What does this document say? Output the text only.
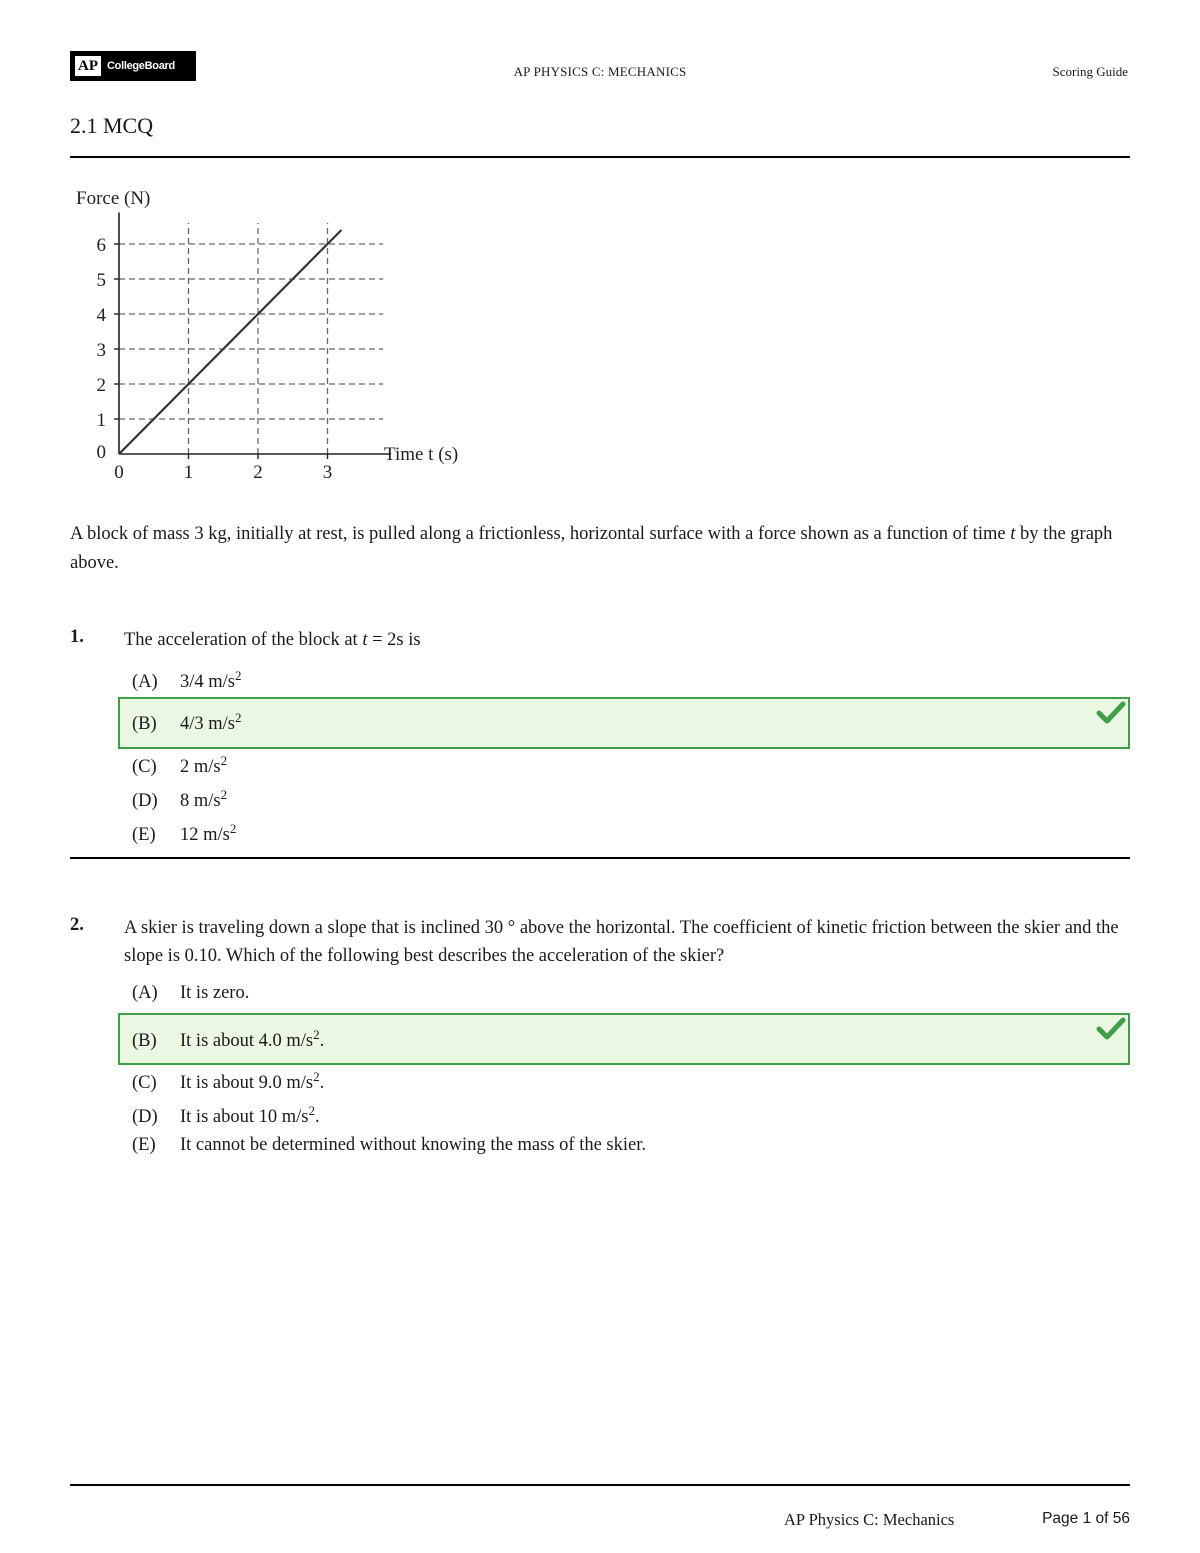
AP CollegeBoard	AP PHYSICS C: MECHANICS	Scoring Guide
2.1 MCQ
Force (N)
0
1
2
3
4
5
6
0	1	2	3
Time t (s)
A block of mass 3 kg, initially at rest, is pulled along a frictionless, horizontal surface with a force shown as a function of time t by the graph above.
1. The acceleration of the block at t = 2s is
(A) 3/4 $m/s^2$
(B) 4/3 $m/s^2$
(C) 2 $m/s^2$
(D) 8 $m/s^2$
(E) 12 $m/s^2$
2. A skier is traveling down a slope that is inclined 30 ° above the horizontal. The coefficient of kinetic friction between the skier and the slope is 0.10. Which of the following best describes the acceleration of the skier?
(A) It is zero.
(B) It is about 4.0 $m/s^2$.
(C) It is about 9.0 $m/s^2$.
(D) It is about 10 $m/s^2$.
(E) It cannot be determined without knowing the mass of the skier.
AP Physics C: Mechanics	Page 1 of 56
